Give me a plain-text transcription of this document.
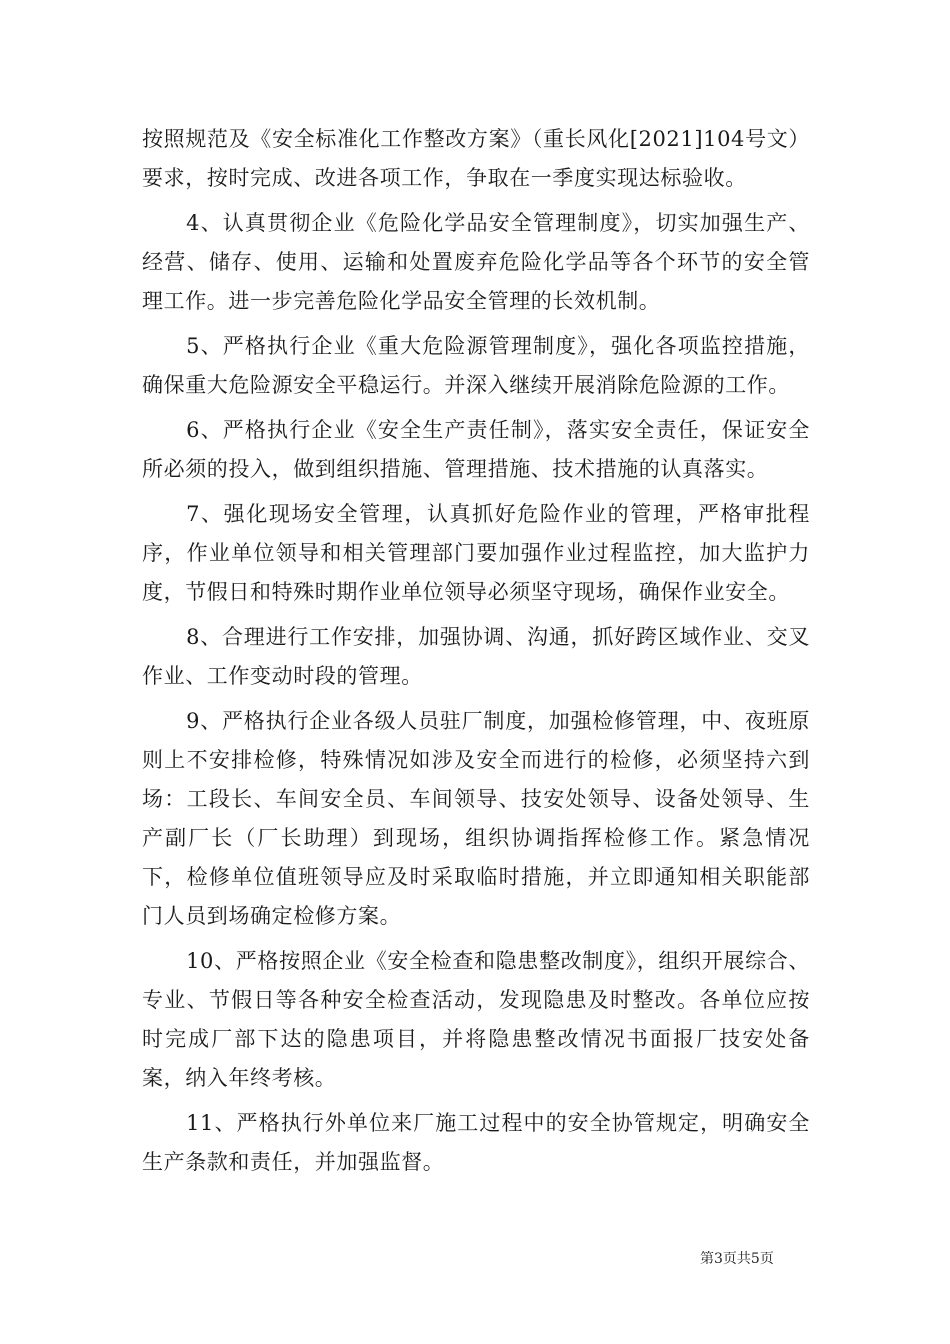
按照规范及《安全标准化工作整改方案》（重长风化[2021]104号文）要求，按时完成、改进各项工作，争取在一季度实现达标验收。

4、认真贯彻企业《危险化学品安全管理制度》，切实加强生产、经营、储存、使用、运输和处置废弃危险化学品等各个环节的安全管理工作。进一步完善危险化学品安全管理的长效机制。

5、严格执行企业《重大危险源管理制度》，强化各项监控措施，确保重大危险源安全平稳运行。并深入继续开展消除危险源的工作。

6、严格执行企业《安全生产责任制》，落实安全责任，保证安全所必须的投入，做到组织措施、管理措施、技术措施的认真落实。

7、强化现场安全管理，认真抓好危险作业的管理，严格审批程序，作业单位领导和相关管理部门要加强作业过程监控，加大监护力度，节假日和特殊时期作业单位领导必须坚守现场，确保作业安全。

8、合理进行工作安排，加强协调、沟通，抓好跨区域作业、交叉作业、工作变动时段的管理。

9、严格执行企业各级人员驻厂制度，加强检修管理，中、夜班原则上不安排检修，特殊情况如涉及安全而进行的检修，必须坚持六到场：工段长、车间安全员、车间领导、技安处领导、设备处领导、生产副厂长（厂长助理）到现场，组织协调指挥检修工作。紧急情况下，检修单位值班领导应及时采取临时措施，并立即通知相关职能部门人员到场确定检修方案。

10、严格按照企业《安全检查和隐患整改制度》，组织开展综合、专业、节假日等各种安全检查活动，发现隐患及时整改。各单位应按时完成厂部下达的隐患项目，并将隐患整改情况书面报厂技安处备案，纳入年终考核。

11、严格执行外单位来厂施工过程中的安全协管规定，明确安全生产条款和责任，并加强监督。

第3页共5页
